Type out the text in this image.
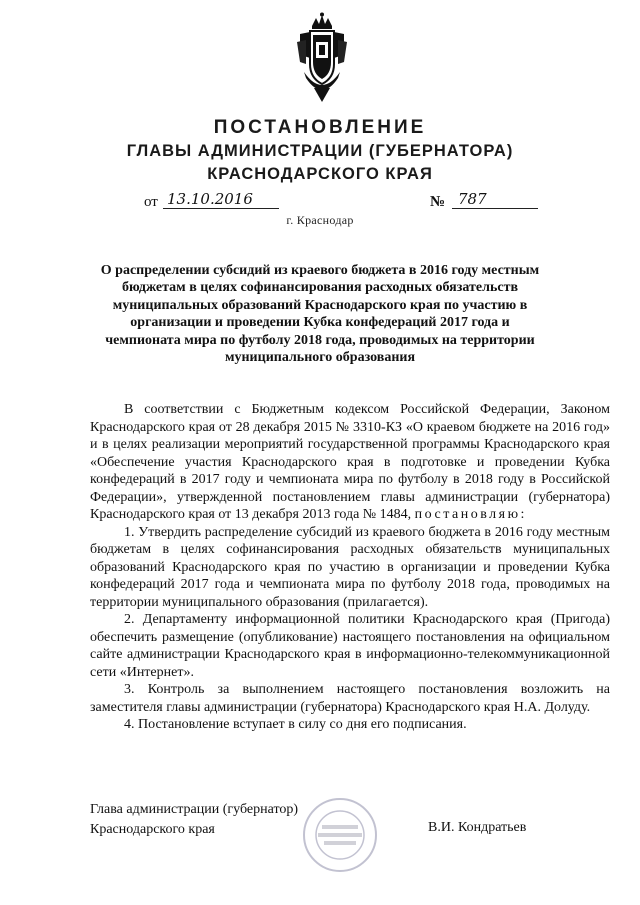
ПОСТАНОВЛЕНИЕ
ГЛАВЫ АДМИНИСТРАЦИИ (ГУБЕРНАТОРА)
КРАСНОДАРСКОГО КРАЯ
от 13.10.2016	№ 787
г. Краснодар
О распределении субсидий из краевого бюджета в 2016 году местным бюджетам в целях софинансирования расходных обязательств муниципальных образований Краснодарского края по участию в организации и проведении Кубка конфедераций 2017 года и чемпионата мира по футболу 2018 года, проводимых на территории муниципального образования

В соответствии с Бюджетным кодексом Российской Федерации, Законом Краснодарского края от 28 декабря 2015 № 3310-КЗ «О краевом бюджете на 2016 год» и в целях реализации мероприятий государственной программы Краснодарского края «Обеспечение участия Краснодарского края в подготовке и проведении Кубка конфедераций в 2017 году и чемпионата мира по футболу в 2018 году в Российской Федерации», утвержденной постановлением главы администрации (губернатора) Краснодарского края от 13 декабря 2013 года № 1484, постановляю:

1. Утвердить распределение субсидий из краевого бюджета в 2016 году местным бюджетам в целях софинансирования расходных обязательств муниципальных образований Краснодарского края по участию в организации и проведении Кубка конфедераций 2017 года и чемпионата мира по футболу 2018 года, проводимых на территории муниципального образования (прилагается).

2. Департаменту информационной политики Краснодарского края (Пригода) обеспечить размещение (опубликование) настоящего постановления на официальном сайте администрации Краснодарского края в информационно-телекоммуникационной сети «Интернет».

3. Контроль за выполнением настоящего постановления возложить на заместителя главы администрации (губернатора) Краснодарского края Н.А. Долуду.

4. Постановление вступает в силу со дня его подписания.

Глава администрации (губернатор)
Краснодарского края	В.И. Кондратьев
